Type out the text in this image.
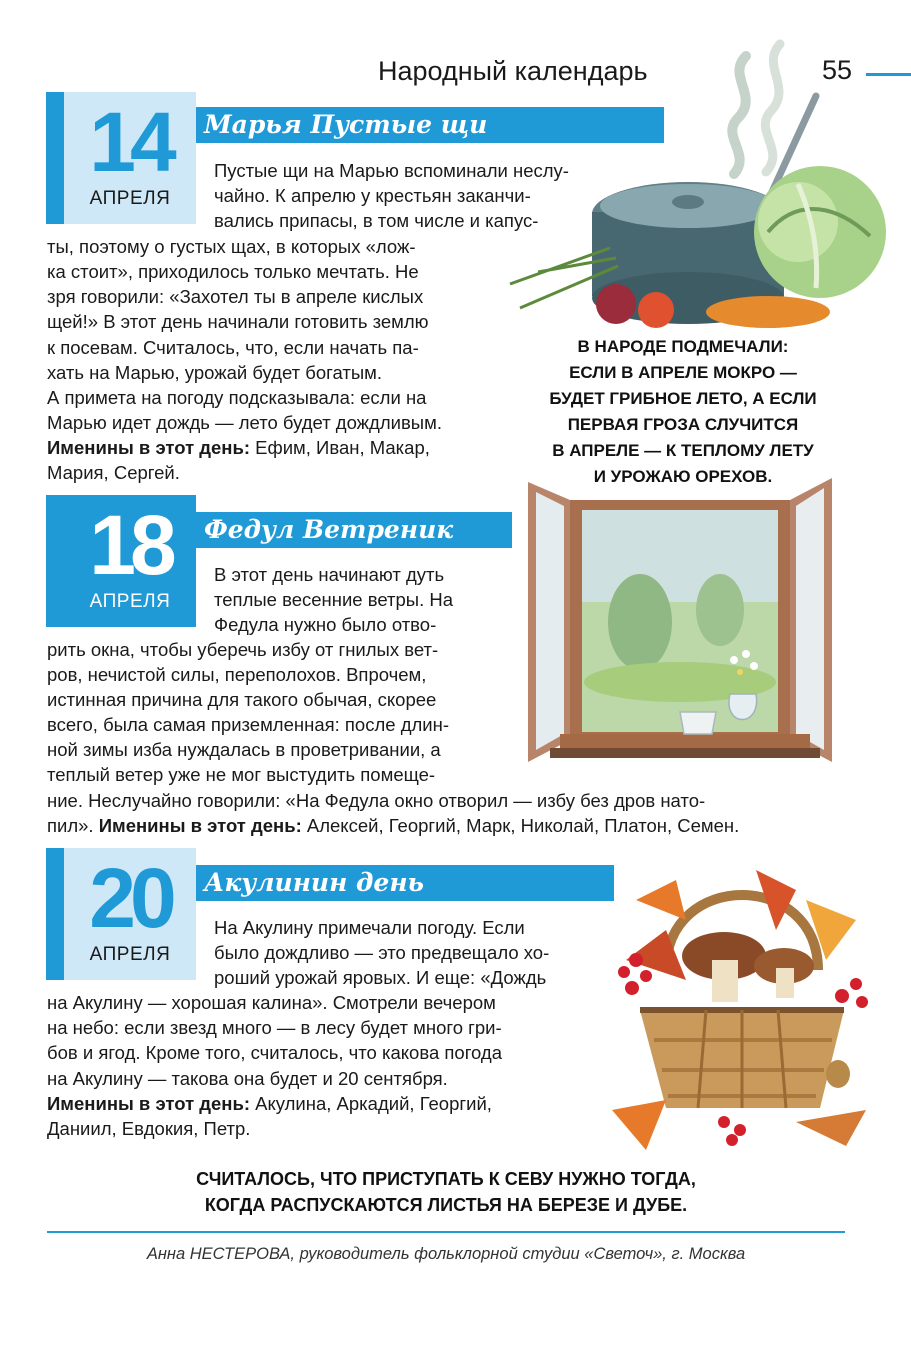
Народный календарь	55
Марья Пустые щи
14
АПРЕЛЯ
Пустые щи на Марью вспоминали неслу-
чайно. К апрелю у крестьян заканчи-
вались припасы, в том числе и капус-
ты, поэтому о густых щах, в которых «лож-
ка стоит», приходилось только мечтать. Не
зря говорили: «Захотел ты в апреле кислых
щей!» В этот день начинали готовить землю
к посевам. Считалось, что, если начать па-
хать на Марью, урожай будет богатым.
А примета на погоду подсказывала: если на
Марью идет дождь — лето будет дождливым.
Именины в этот день: Ефим, Иван, Макар,
Мария, Сергей.
В НАРОДЕ ПОДМЕЧАЛИ:
ЕСЛИ В АПРЕЛЕ МОКРО —
БУДЕТ ГРИБНОЕ ЛЕТО, А ЕСЛИ
ПЕРВАЯ ГРОЗА СЛУЧИТСЯ
В АПРЕЛЕ — К ТЕПЛОМУ ЛЕТУ
И УРОЖАЮ ОРЕХОВ.
Федул Ветреник
18
АПРЕЛЯ
В этот день начинают дуть
теплые весенние ветры. На
Федула нужно было отво-
рить окна, чтобы уберечь избу от гнилых вет-
ров, нечистой силы, переполохов. Впрочем,
истинная причина для такого обычая, скорее
всего, была самая приземленная: после длин-
ной зимы изба нуждалась в проветривании, а
теплый ветер уже не мог выстудить помеще-
ние. Неслучайно говорили: «На Федула окно отворил — избу без дров нато-
пил». Именины в этот день: Алексей, Георгий, Марк, Николай, Платон, Семен.
Акулинин день
20
АПРЕЛЯ
На Акулину примечали погоду. Если
было дождливо — это предвещало хо-
роший урожай яровых. И еще: «Дождь
на Акулину — хорошая калина». Смотрели вечером
на небо: если звезд много — в лесу будет много гри-
бов и ягод. Кроме того, считалось, что какова погода
на Акулину — такова она будет и 20 сентября.
Именины в этот день: Акулина, Аркадий, Георгий,
Даниил, Евдокия, Петр.
СЧИТАЛОСЬ, ЧТО ПРИСТУПАТЬ К СЕВУ НУЖНО ТОГДА,
КОГДА РАСПУСКАЮТСЯ ЛИСТЬЯ НА БЕРЕЗЕ И ДУБЕ.
Анна НЕСТЕРОВА, руководитель фольклорной студии «Светоч», г. Москва
